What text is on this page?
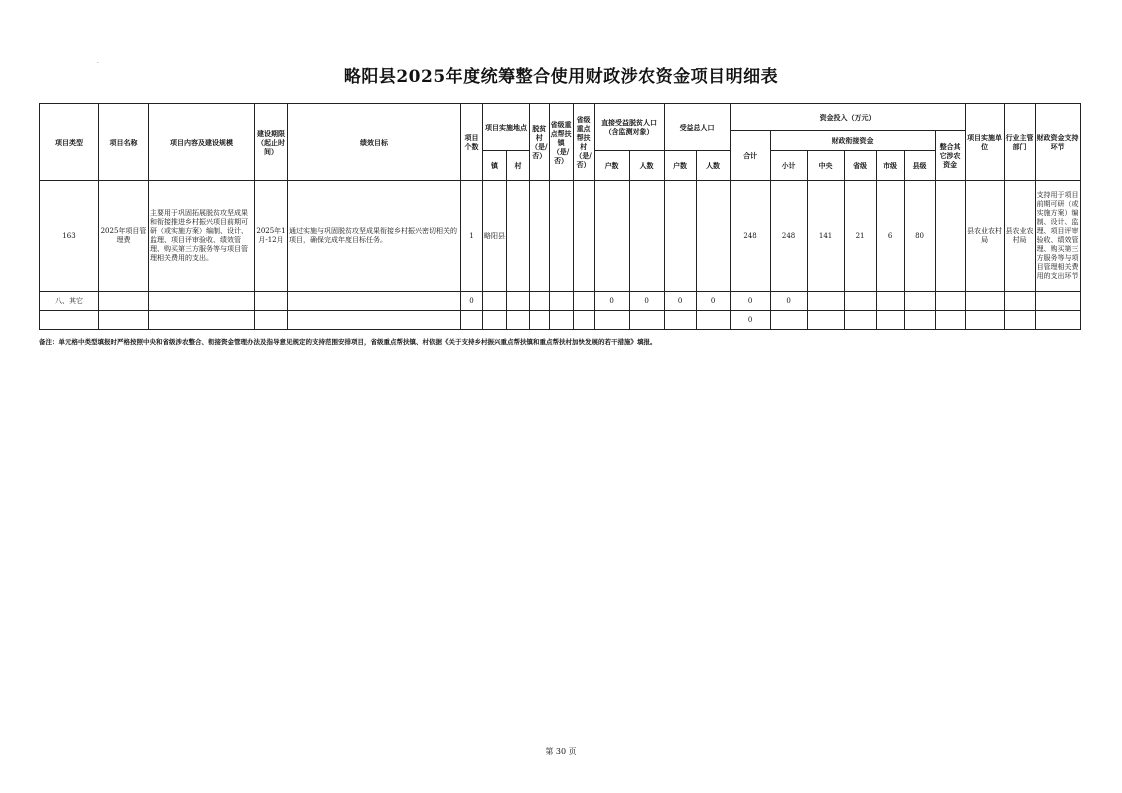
·
略阳县2025年度统筹整合使用财政涉农资金项目明细表
项目类型	项目名称	项目内容及建设规模	建设期限（起止时间）	绩效目标	项目个数	项目实施地点		脱贫村（是/否）	省级重点帮扶镇（是/否）	省级重点帮扶村（是/否）	直接受益脱贫人口（含监测对象）		受益总人口		资金投入（万元）							项目实施单位	行业主管部门	财政资金支持环节
															合计	财政衔接资金					整合其它涉农资金			
						镇	村				户数	人数	户数	人数		小计	中央	省级	市级	县级				
163	2025年项目管理费	主要用于巩固拓展脱贫攻坚成果和衔接推进乡村振兴项目前期可研（或实施方案）编制、设计、监理、项目评审验收、绩效管理、购买第三方服务等与项目管理相关费用的支出。	2025年1月-12月	通过实施与巩固脱贫攻坚成果衔接乡村振兴密切相关的项目，确保完成年度目标任务。	1	略阳县									248	248	141	21	6	80		县农业农村局	县农业农村局	支持用于项目前期可研（或实施方案）编制、设计、监理、项目评审验收、绩效管理、购买第三方服务等与项目管理相关费用的支出环节
八、其它					0						0	0	0	0	0	0								
															0									
备注：单元格中类型填报时严格按照中央和省级涉农整合、衔接资金管理办法及指导意见规定的支持范围安排项目，省级重点帮扶镇、村依据《关于支持乡村振兴重点帮扶镇和重点帮扶村加快发展的若干措施》填报。
第 30 页
